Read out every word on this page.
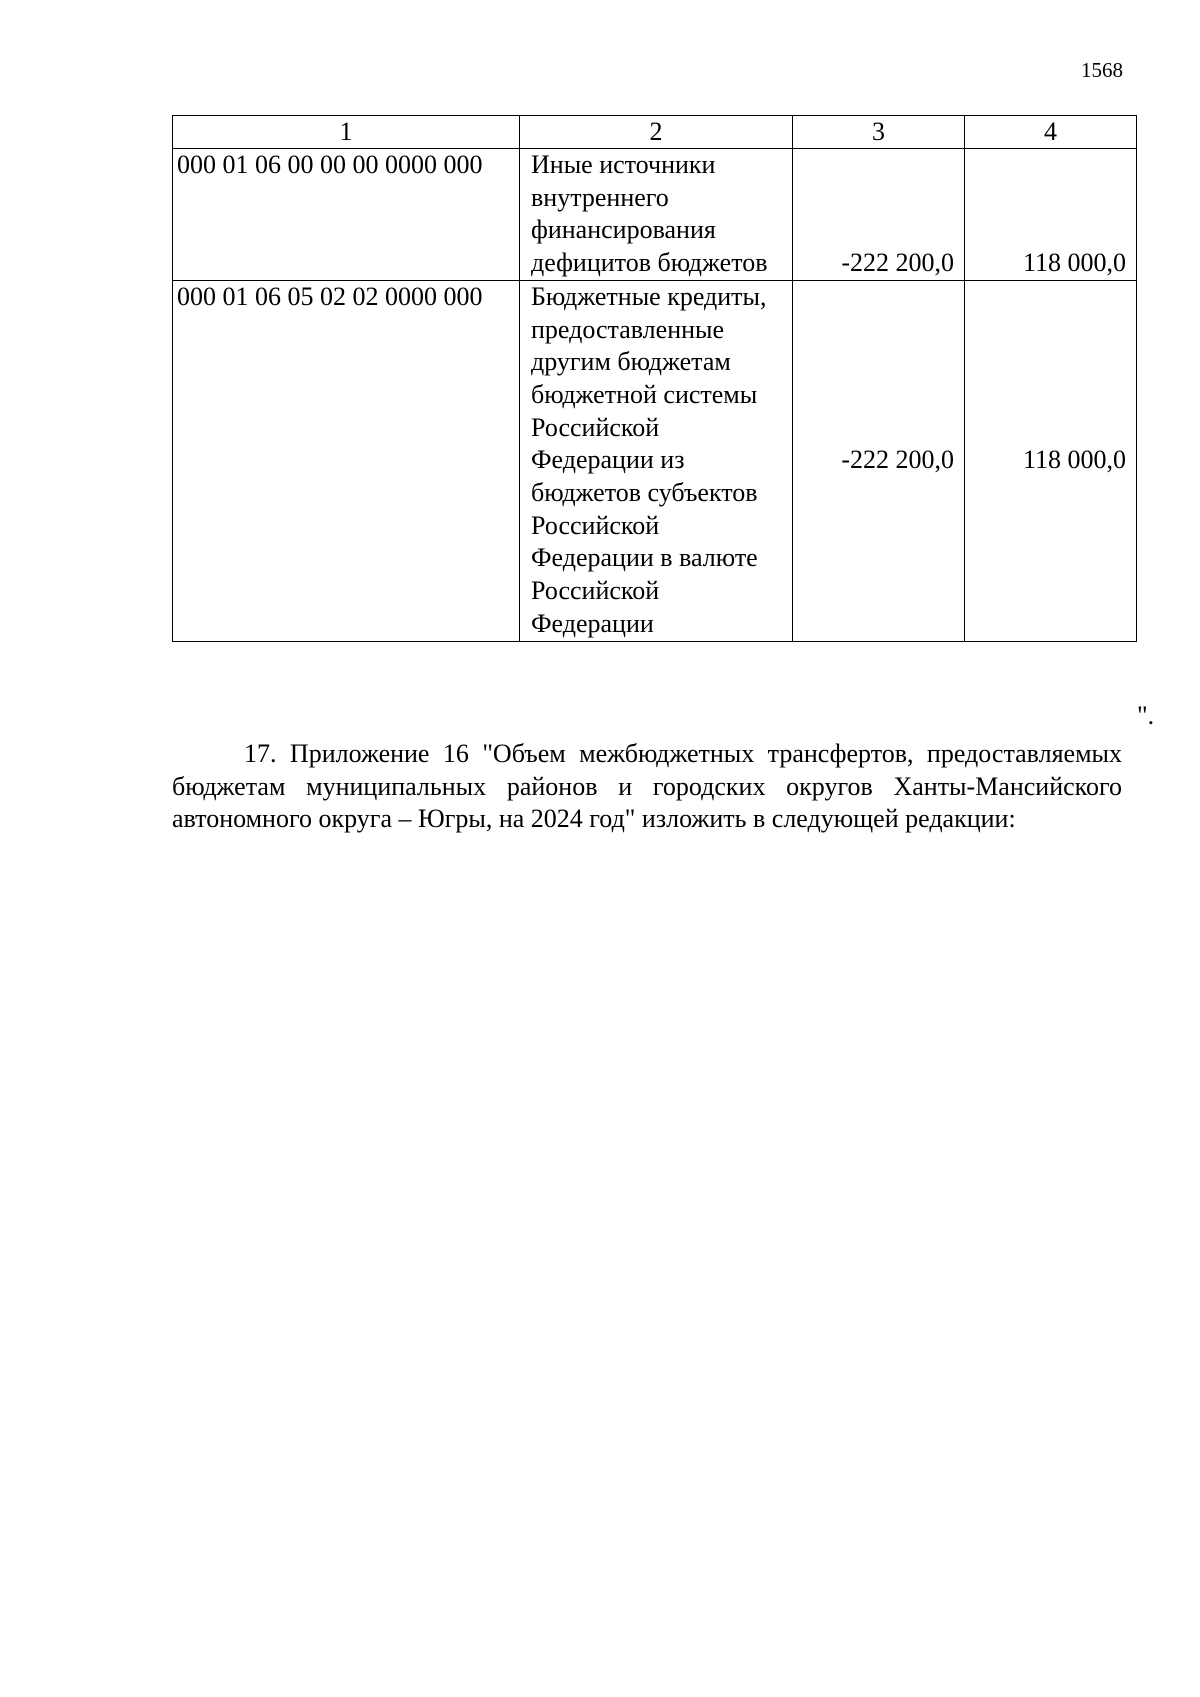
1568
1	2	3	4
000 01 06 00 00 00 0000 000	Иные источники внутреннего финансирования дефицитов бюджетов	-222 200,0	118 000,0
000 01 06 05 02 02 0000 000	Бюджетные кредиты, предоставленные другим бюджетам бюджетной системы Российской Федерации из бюджетов субъектов Российской Федерации в валюте Российской Федерации	-222 200,0	118 000,0
".

17. Приложение 16 "Объем межбюджетных трансфертов, предоставляемых бюджетам муниципальных районов и городских округов Ханты-Мансийского автономного округа – Югры, на 2024 год" изложить в следующей редакции:
